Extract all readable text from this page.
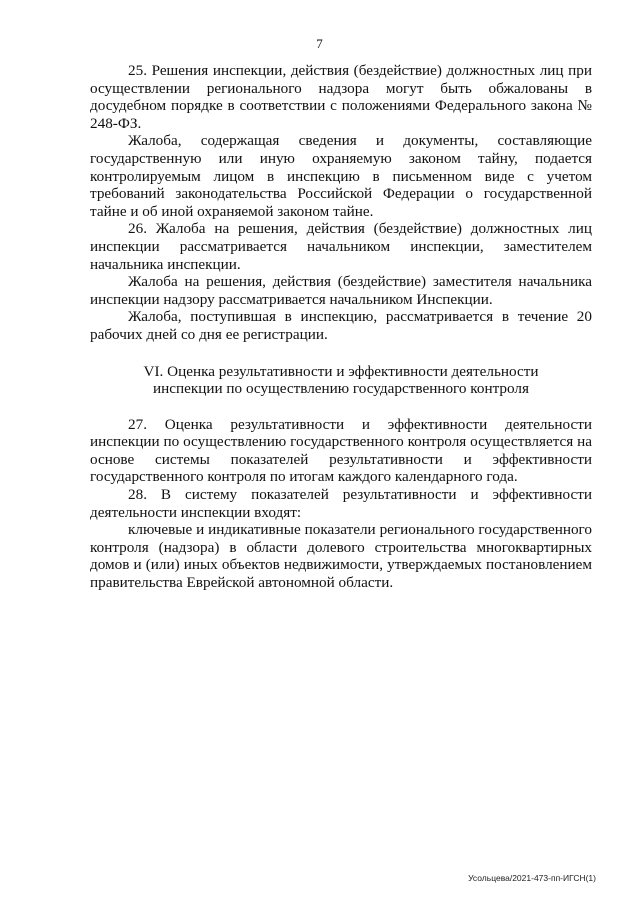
7

25. Решения инспекции, действия (бездействие) должностных лиц при осуществлении регионального надзора могут быть обжалованы в досудебном порядке в соответствии с положениями Федерального закона № 248-ФЗ.

Жалоба, содержащая сведения и документы, составляющие государственную или иную охраняемую законом тайну, подается контролируемым лицом в инспекцию в письменном виде с учетом требований законодательства Российской Федерации о государственной тайне и об иной охраняемой законом тайне.

26. Жалоба на решения, действия (бездействие) должностных лиц инспекции рассматривается начальником инспекции, заместителем начальника инспекции.

Жалоба на решения, действия (бездействие) заместителя начальника инспекции надзору рассматривается начальником Инспекции.

Жалоба, поступившая в инспекцию, рассматривается в течение 20 рабочих дней со дня ее регистрации.

VI. Оценка результативности и эффективности деятельности
инспекции по осуществлению государственного контроля

27. Оценка результативности и эффективности деятельности инспекции по осуществлению государственного контроля осуществляется на основе системы показателей результативности и эффективности государственного контроля по итогам каждого календарного года.

28. В систему показателей результативности и эффективности деятельности инспекции входят:

ключевые и индикативные показатели регионального государственного контроля (надзора) в области долевого строительства многоквартирных домов и (или) иных объектов недвижимости, утверждаемых постановлением правительства Еврейской автономной области.

Усольцева/2021-473-пп-ИГСН(1)
